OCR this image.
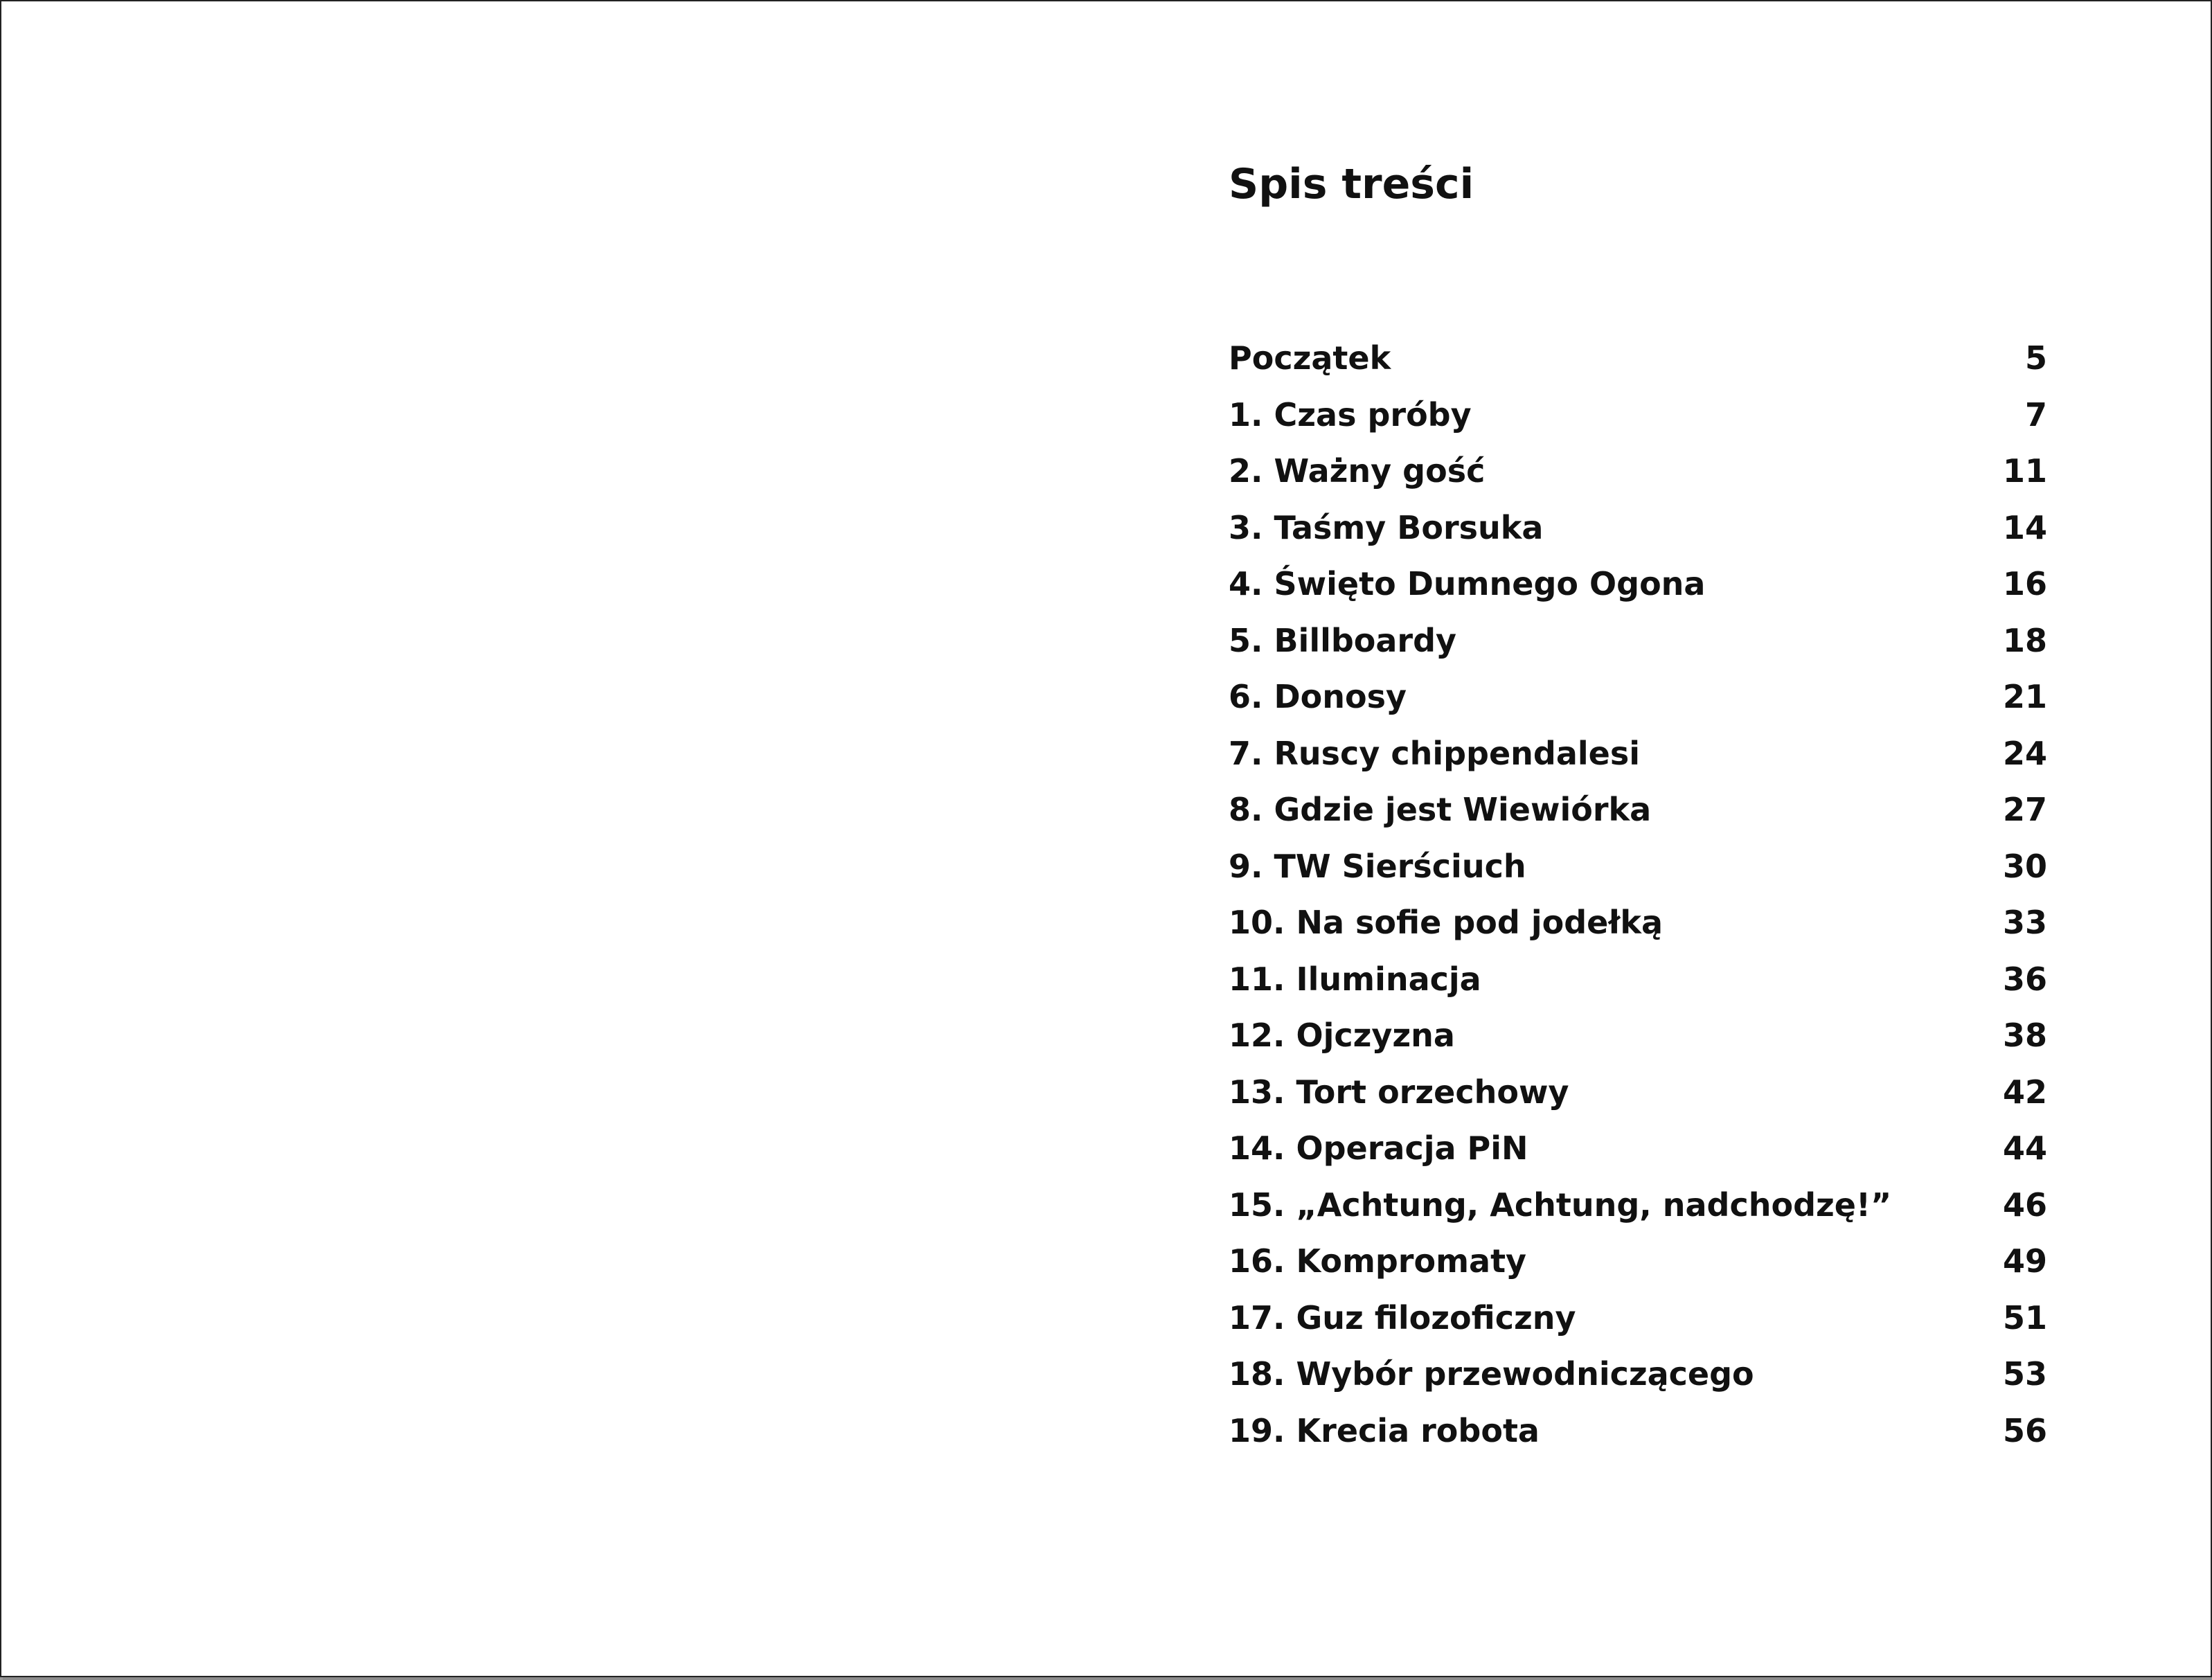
Spis treści
Początek	5
1. Czas próby	7
2. Ważny gość	11
3. Taśmy Borsuka	14
4. Święto Dumnego Ogona	16
5. Billboardy	18
6. Donosy	21
7. Ruscy chippendalesi	24
8. Gdzie jest Wiewiórka	27
9. TW Sierściuch	30
10. Na sofie pod jodełką	33
11. Iluminacja	36
12. Ojczyzna	38
13. Tort orzechowy	42
14. Operacja PiN	44
15. „Achtung, Achtung, nadchodzę!”	46
16. Kompromaty	49
17. Guz filozoficzny	51
18. Wybór przewodniczącego	53
19. Krecia robota	56
